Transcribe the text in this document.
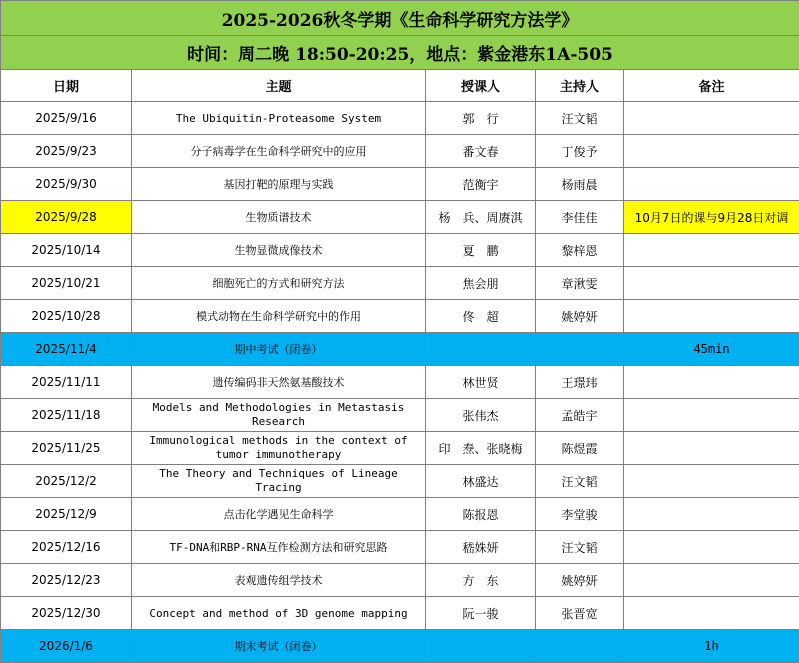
2025-2026秋冬学期《生命科学研究方法学》				
时间：周二晚 18:50-20:25，地点：紫金港东1A-505				
日期	主题	授课人	主持人	备注
2025/9/16	The Ubiquitin-Proteasome System	郭　行	汪文韬	
2025/9/23	分子病毒学在生命科学研究中的应用	番文春	丁俊予	
2025/9/30	基因打靶的原理与实践	范衡宇	杨雨晨	
2025/9/28	生物质谱技术	杨　兵、周赓淇	李佳佳	10月7日的课与9月28日对调
2025/10/14	生物显微成像技术	夏　鹏	黎梓恩	
2025/10/21	细胞死亡的方式和研究方法	焦会朋	章湫雯	
2025/10/28	模式动物在生命科学研究中的作用	佟　超	姚婷妍	
2025/11/4	期中考试（闭卷）			45min
2025/11/11	遗传编码非天然氨基酸技术	林世贤	王璟玮	
2025/11/18	Models and Methodologies in Metastasis Research	张伟杰	孟皓宇	
2025/11/25	Immunological methods in the context of tumor immunotherapy	印　焘、张晓梅	陈煜霞	
2025/12/2	The Theory and Techniques of Lineage Tracing	林盛达	汪文韬	
2025/12/9	点击化学遇见生命科学	陈报恩	李堂骏	
2025/12/16	TF-DNA和RBP-RNA互作检测方法和研究思路	嵇姝妍	汪文韬	
2025/12/23	表观遗传组学技术	方　东	姚婷妍	
2025/12/30	Concept and method of 3D genome mapping	阮一骏	张晋宽	
2026/1/6	期末考试（闭卷）			1h
